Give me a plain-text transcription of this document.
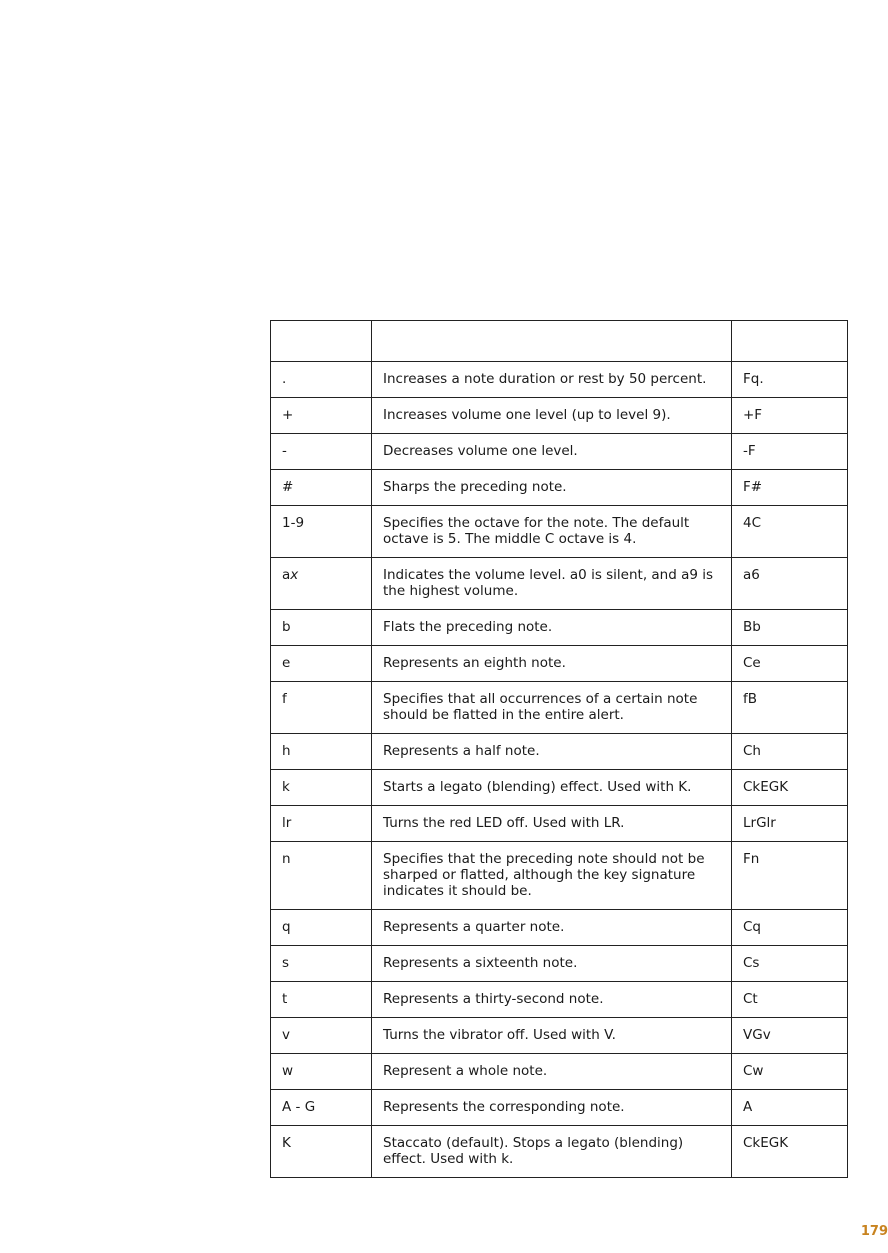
.	Increases a note duration or rest by 50 percent.	Fq.
+	Increases volume one level (up to level 9).	+F
-	Decreases volume one level.	-F
#	Sharps the preceding note.	F#
1-9	Specifies the octave for the note. The default octave is 5. The middle C octave is 4.	4C
ax	Indicates the volume level. a0 is silent, and a9 is the highest volume.	a6
b	Flats the preceding note.	Bb
e	Represents an eighth note.	Ce
f	Specifies that all occurrences of a certain note should be flatted in the entire alert.	fB
h	Represents a half note.	Ch
k	Starts a legato (blending) effect. Used with K.	CkEGK
lr	Turns the red LED off. Used with LR.	LrGlr
n	Specifies that the preceding note should not be sharped or flatted, although the key signature indicates it should be.	Fn
q	Represents a quarter note.	Cq
s	Represents a sixteenth note.	Cs
t	Represents a thirty-second note.	Ct
v	Turns the vibrator off. Used with V.	VGv
w	Represent a whole note.	Cw
A - G	Represents the corresponding note.	A
K	Staccato (default). Stops a legato (blending) effect. Used with k.	CkEGK
179
